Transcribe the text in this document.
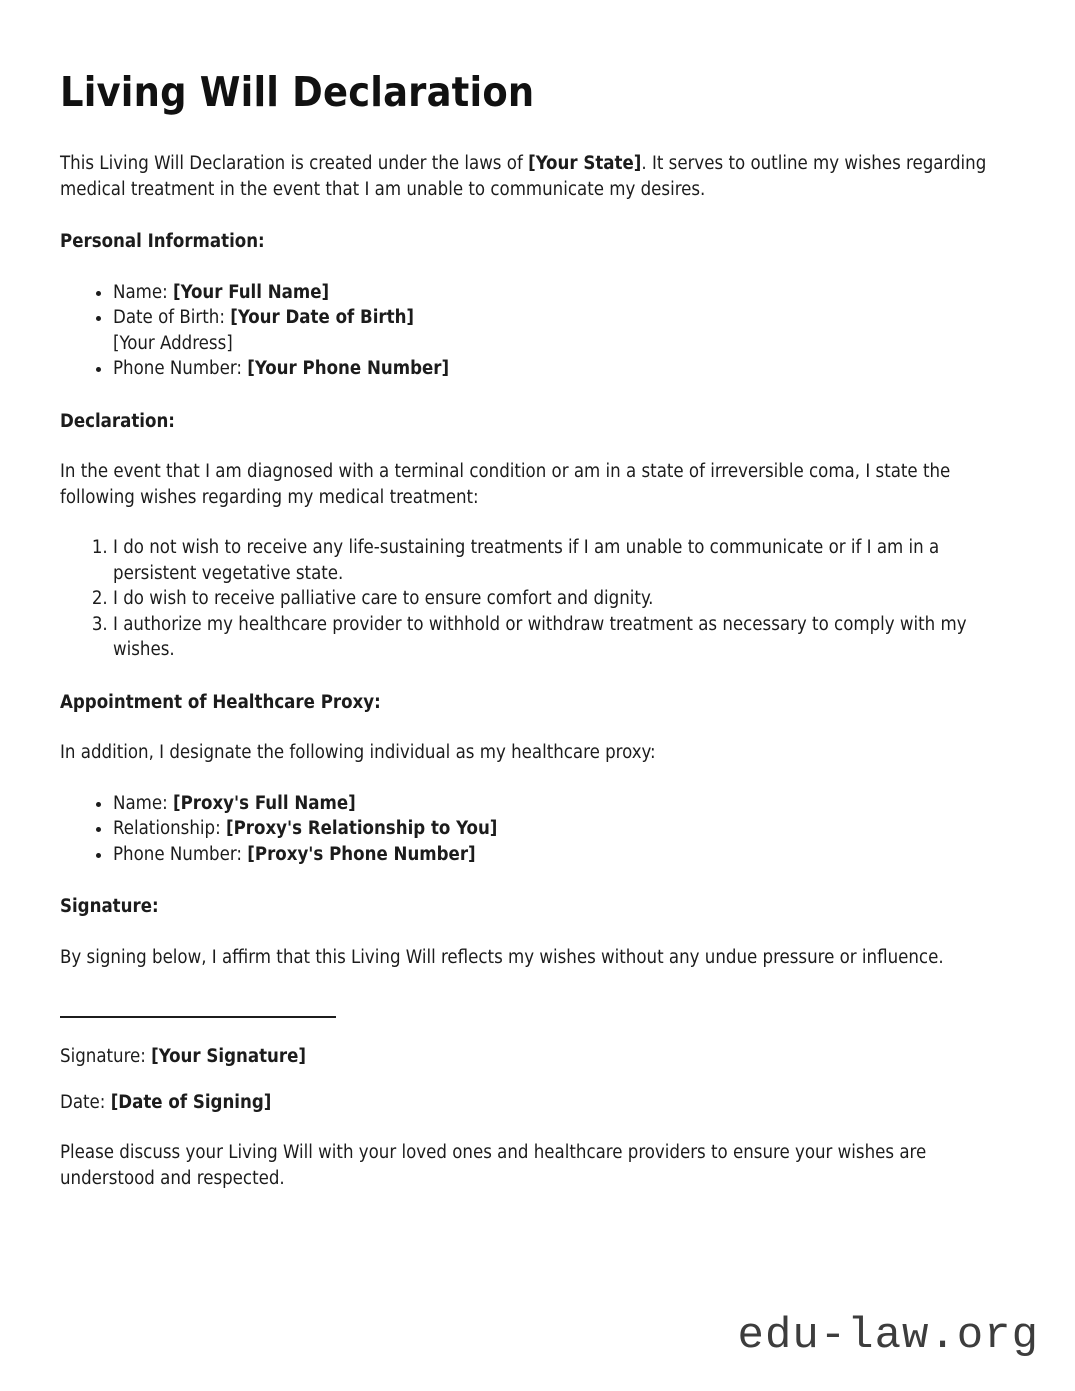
Living Will Declaration

This Living Will Declaration is created under the laws of [Your State]. It serves to outline my wishes regarding medical treatment in the event that I am unable to communicate my desires.

Personal Information:
• Name: [Your Full Name]
• Date of Birth: [Your Date of Birth]
[Your Address]
• Phone Number: [Your Phone Number]
Declaration:

In the event that I am diagnosed with a terminal condition or am in a state of irreversible coma, I state the following wishes regarding my medical treatment:

1. I do not wish to receive any life-sustaining treatments if I am unable to communicate or if I am in a persistent vegetative state.
2. I do wish to receive palliative care to ensure comfort and dignity.
3. I authorize my healthcare provider to withhold or withdraw treatment as necessary to comply with my wishes.
Appointment of Healthcare Proxy:

In addition, I designate the following individual as my healthcare proxy:

• Name: [Proxy's Full Name]
• Relationship: [Proxy's Relationship to You]
• Phone Number: [Proxy's Phone Number]
Signature:

By signing below, I affirm that this Living Will reflects my wishes without any undue pressure or influence.

Signature: [Your Signature]

Date: [Date of Signing]

Please discuss your Living Will with your loved ones and healthcare providers to ensure your wishes are understood and respected.

edu-law.org
